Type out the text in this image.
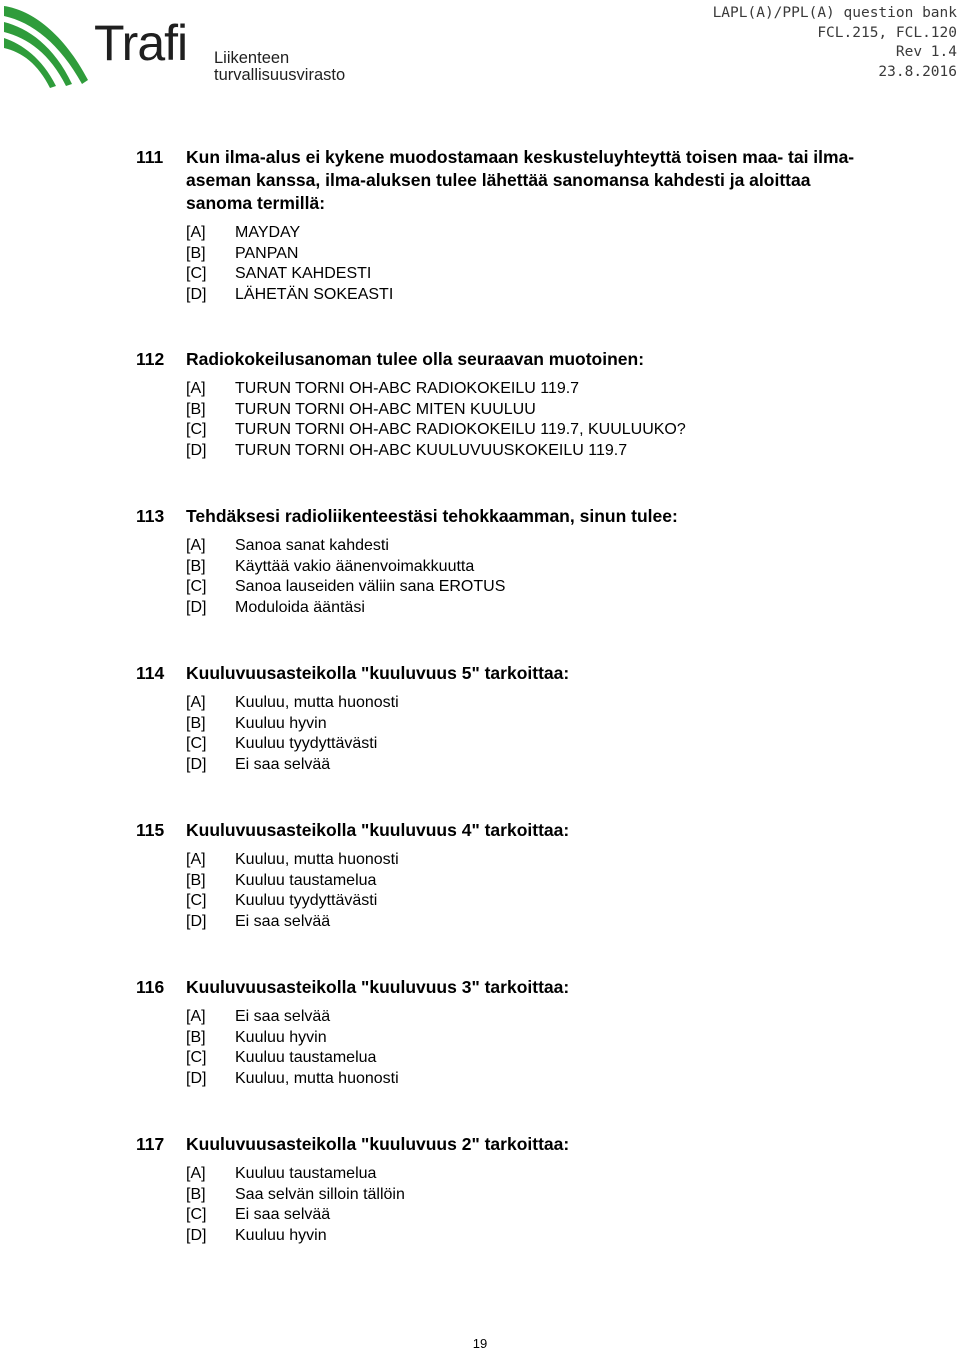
Trafi Liikenteen turvallisuusvirasto
LAPL(A)/PPL(A) question bank
FCL.215, FCL.120
Rev 1.4
23.8.2016
111 Kun ilma-alus ei kykene muodostamaan keskusteluyhteyttä toisen maa- tai ilma-
aseman kanssa, ilma-aluksen tulee lähettää sanomansa kahdesti ja aloittaa
sanoma termillä:
[A] MAYDAY
[B] PANPAN
[C] SANAT KAHDESTI
[D] LÄHETÄN SOKEASTI
112 Radiokokeilusanoman tulee olla seuraavan muotoinen:
[A] TURUN TORNI OH-ABC RADIOKOKEILU 119.7
[B] TURUN TORNI OH-ABC MITEN KUULUU
[C] TURUN TORNI OH-ABC RADIOKOKEILU 119.7, KUULUUKO?
[D] TURUN TORNI OH-ABC KUULUVUUSKOKEILU 119.7
113 Tehdäksesi radioliikenteestäsi tehokkaamman, sinun tulee:
[A] Sanoa sanat kahdesti
[B] Käyttää vakio äänenvoimakkuutta
[C] Sanoa lauseiden väliin sana EROTUS
[D] Moduloida ääntäsi
114 Kuuluvuusasteikolla "kuuluvuus 5" tarkoittaa:
[A] Kuuluu, mutta huonosti
[B] Kuuluu hyvin
[C] Kuuluu tyydyttävästi
[D] Ei saa selvää
115 Kuuluvuusasteikolla "kuuluvuus 4" tarkoittaa:
[A] Kuuluu, mutta huonosti
[B] Kuuluu taustamelua
[C] Kuuluu tyydyttävästi
[D] Ei saa selvää
116 Kuuluvuusasteikolla "kuuluvuus 3" tarkoittaa:
[A] Ei saa selvää
[B] Kuuluu hyvin
[C] Kuuluu taustamelua
[D] Kuuluu, mutta huonosti
117 Kuuluvuusasteikolla "kuuluvuus 2" tarkoittaa:
[A] Kuuluu taustamelua
[B] Saa selvän silloin tällöin
[C] Ei saa selvää
[D] Kuuluu hyvin
19
